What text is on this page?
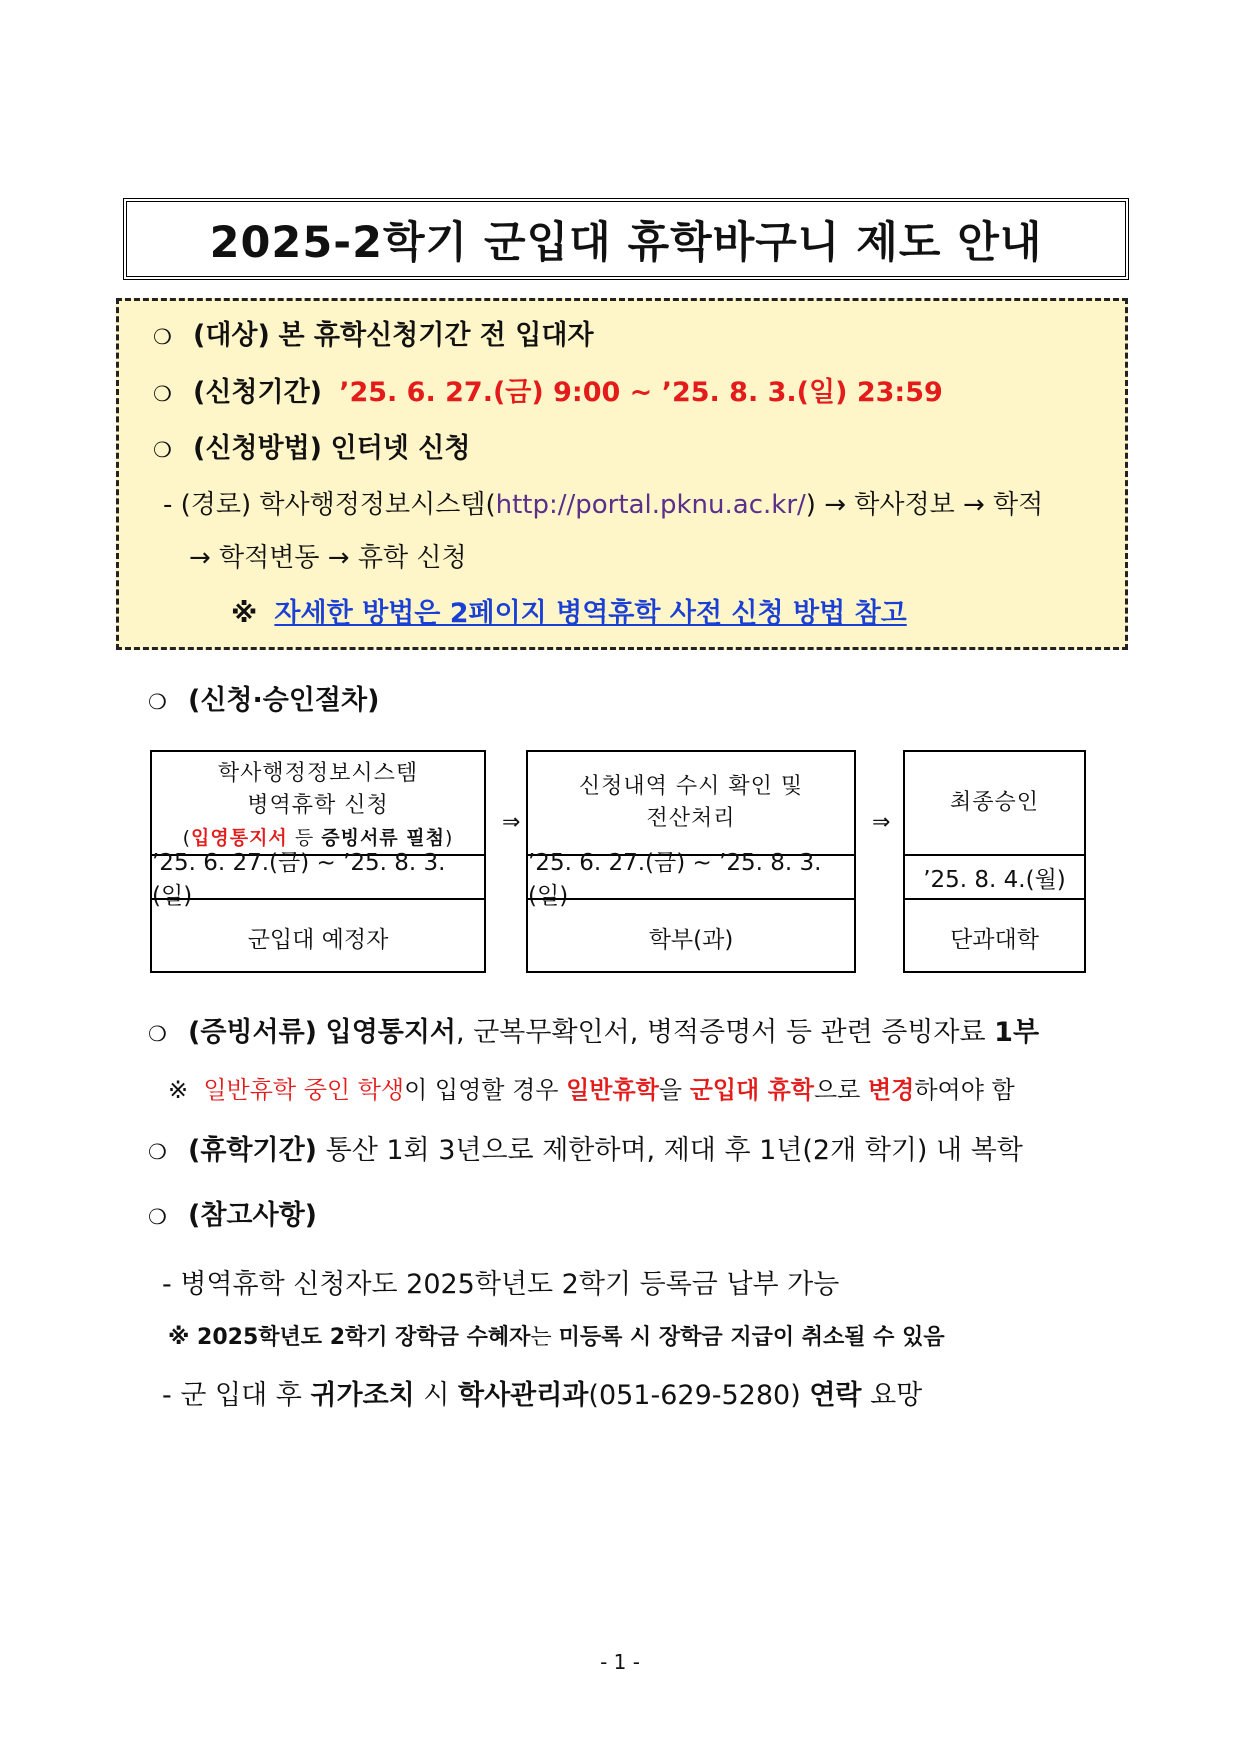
2025-2학기 군입대 휴학바구니 제도 안내
❍ (대상) 본 휴학신청기간 전 입대자
❍ (신청기간) ’25. 6. 27.(금) 9:00 ~ ’25. 8. 3.(일) 23:59
❍ (신청방법) 인터넷 신청
- (경로) 학사행정정보시스템(http://portal.pknu.ac.kr/) → 학사정보 → 학적
→ 학적변동 → 휴학 신청
※ 자세한 방법은 2페이지 병역휴학 사전 신청 방법 참고
❍ (신청·승인절차)
학사행정정보시스템
병역휴학 신청
(입영통지서 등 증빙서류 필첨)
’25. 6. 27.(금) ~ ’25. 8. 3.(일)
군입대 예정자
⇒
신청내역 수시 확인 및
전산처리
’25. 6. 27.(금) ~ ’25. 8. 3.(일)
학부(과)
⇒
최종승인
’25. 8. 4.(월)
단과대학
❍ (증빙서류) 입영통지서, 군복무확인서, 병적증명서 등 관련 증빙자료 1부
※ 일반휴학 중인 학생이 입영할 경우 일반휴학을 군입대 휴학으로 변경하여야 함
❍ (휴학기간) 통산 1회 3년으로 제한하며, 제대 후 1년(2개 학기) 내 복학
❍ (참고사항)
- 병역휴학 신청자도 2025학년도 2학기 등록금 납부 가능
※ 2025학년도 2학기 장학금 수혜자는 미등록 시 장학금 지급이 취소될 수 있음
- 군 입대 후 귀가조치 시 학사관리과(051-629-5280) 연락 요망
- 1 -
